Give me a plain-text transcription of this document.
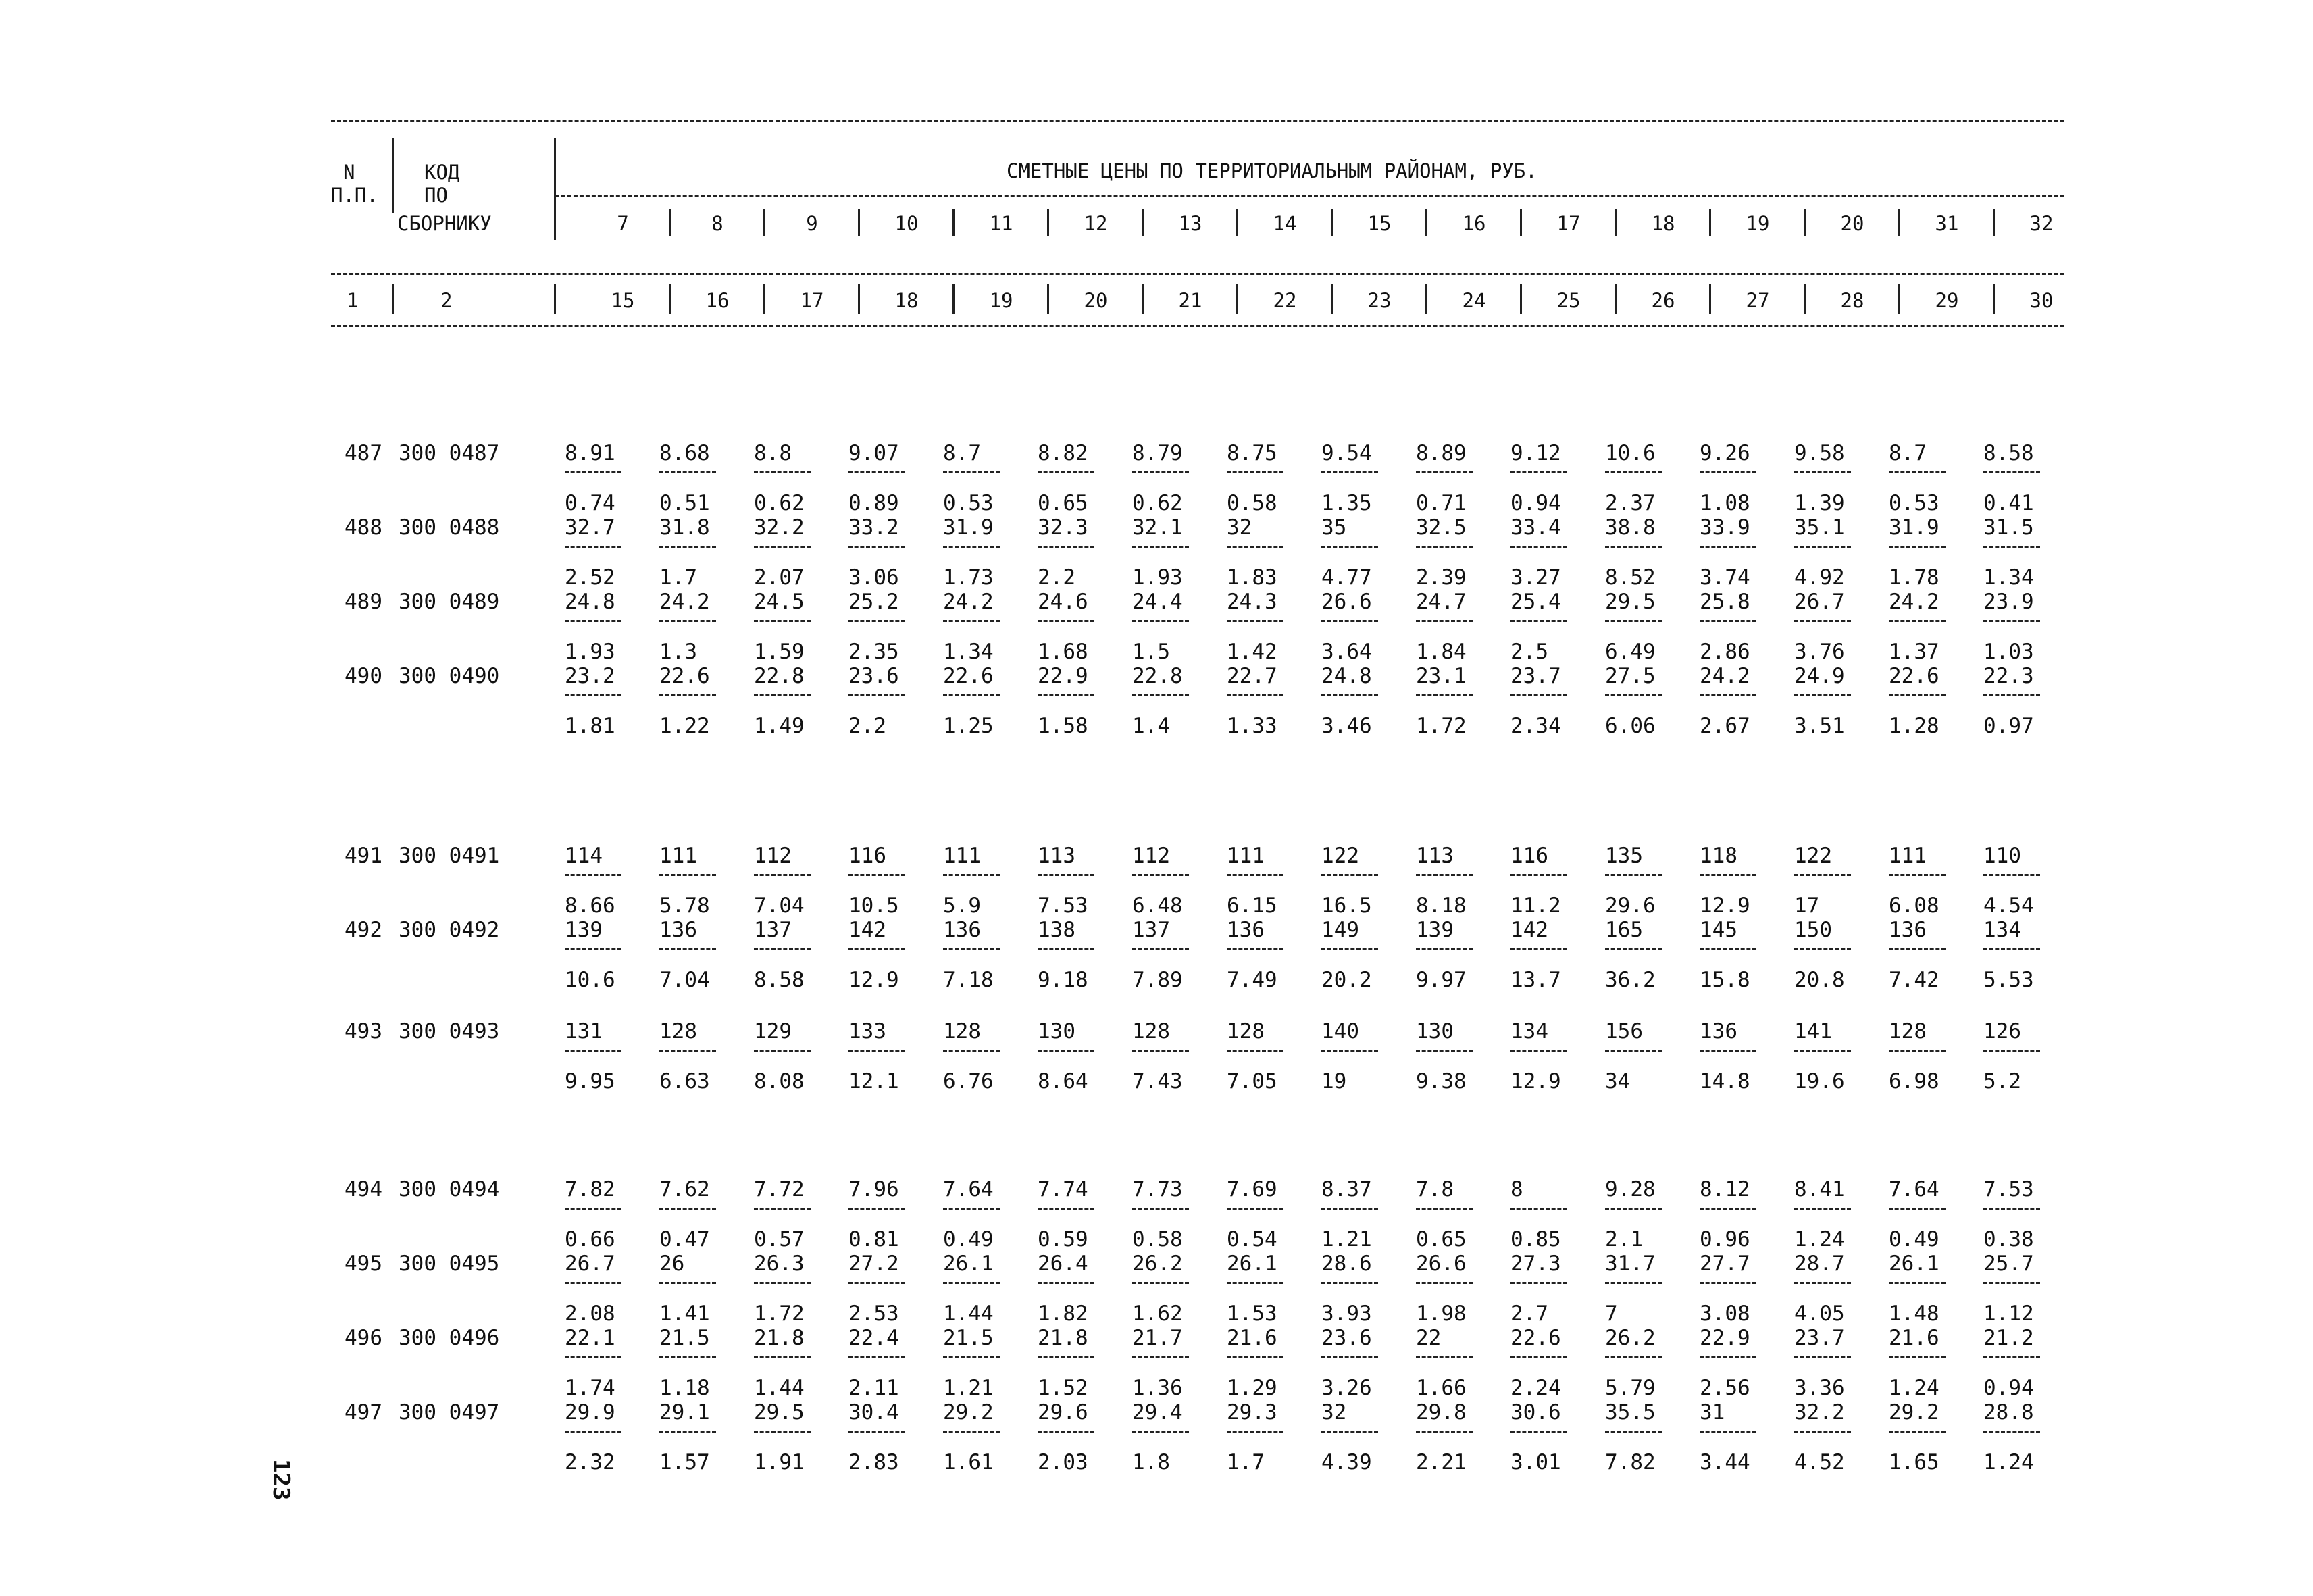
N
П.П.
КОД
ПО
СБОРНИКУ
СМЕТНЫЕ ЦЕНЫ ПО ТЕРРИТОРИАЛЬНЫМ РАЙОНАМ, РУБ.
7	8	9	10	11	12	13	14	15	16	17	18	19	20	31	32
1	2	15	16	17	18	19	20	21	22	23	24	25	26	27	28	29	30
487 300 0487	8.91 8.68 8.8	9.07 8.7	8.82 8.79 8.75 9.54 8.89 9.12 10.6 9.26 9.58 8.7	8.58
0.74 0.51 0.62 0.89 0.53 0.65 0.62 0.58 1.35 0.71 0.94 2.37 1.08 1.39 0.53 0.41
488 300 0488	32.7 31.8 32.2 33.2 31.9 32.3 32.1 32	35	32.5 33.4 38.8 33.9 35.1 31.9 31.5
2.52 1.7	2.07 3.06 1.73 2.2	1.93 1.83 4.77 2.39 3.27 8.52 3.74 4.92 1.78 1.34
489 300 0489	24.8 24.2 24.5 25.2 24.2 24.6 24.4 24.3 26.6 24.7 25.4 29.5 25.8 26.7 24.2 23.9
1.93 1.3	1.59 2.35 1.34 1.68 1.5	1.42 3.64 1.84 2.5	6.49 2.86 3.76 1.37 1.03
490 300 0490	23.2 22.6 22.8 23.6 22.6 22.9 22.8 22.7 24.8 23.1 23.7 27.5 24.2 24.9 22.6 22.3
1.81 1.22 1.49 2.2	1.25 1.58 1.4	1.33 3.46 1.72 2.34 6.06 2.67 3.51 1.28 0.97
491 300 0491	114	111	112	116	111	113	112	111	122	113	116	135	118	122	111	110
8.66 5.78 7.04 10.5 5.9	7.53 6.48 6.15 16.5 8.18 11.2 29.6 12.9 17	6.08 4.54
492 300 0492	139	136	137	142	136	138	137	136	149	139	142	165	145	150	136	134
10.6 7.04 8.58 12.9 7.18 9.18 7.89 7.49 20.2 9.97 13.7 36.2 15.8 20.8 7.42 5.53
493 300 0493	131	128	129	133	128	130	128	128	140	130	134	156	136	141	128	126
9.95 6.63 8.08 12.1 6.76 8.64 7.43 7.05 19	9.38 12.9 34	14.8 19.6 6.98 5.2
494 300 0494	7.82 7.62 7.72 7.96 7.64 7.74 7.73 7.69 8.37 7.8	8	9.28 8.12 8.41 7.64 7.53
0.66 0.47 0.57 0.81 0.49 0.59 0.58 0.54 1.21 0.65 0.85 2.1	0.96 1.24 0.49 0.38
495 300 0495	26.7 26	26.3 27.2 26.1 26.4 26.2 26.1 28.6 26.6 27.3 31.7 27.7 28.7 26.1 25.7
2.08 1.41 1.72 2.53 1.44 1.82 1.62 1.53 3.93 1.98 2.7	7	3.08 4.05 1.48 1.12
496 300 0496	22.1 21.5 21.8 22.4 21.5 21.8 21.7 21.6 23.6 22	22.6 26.2 22.9 23.7 21.6 21.2
1.74 1.18 1.44 2.11 1.21 1.52 1.36 1.29 3.26 1.66 2.24 5.79 2.56 3.36 1.24 0.94
497 300 0497	29.9 29.1 29.5 30.4 29.2 29.6 29.4 29.3 32	29.8 30.6 35.5 31	32.2 29.2 28.8
2.32 1.57 1.91 2.83 1.61 2.03 1.8	1.7	4.39 2.21 3.01 7.82 3.44 4.52 1.65 1.24
123
